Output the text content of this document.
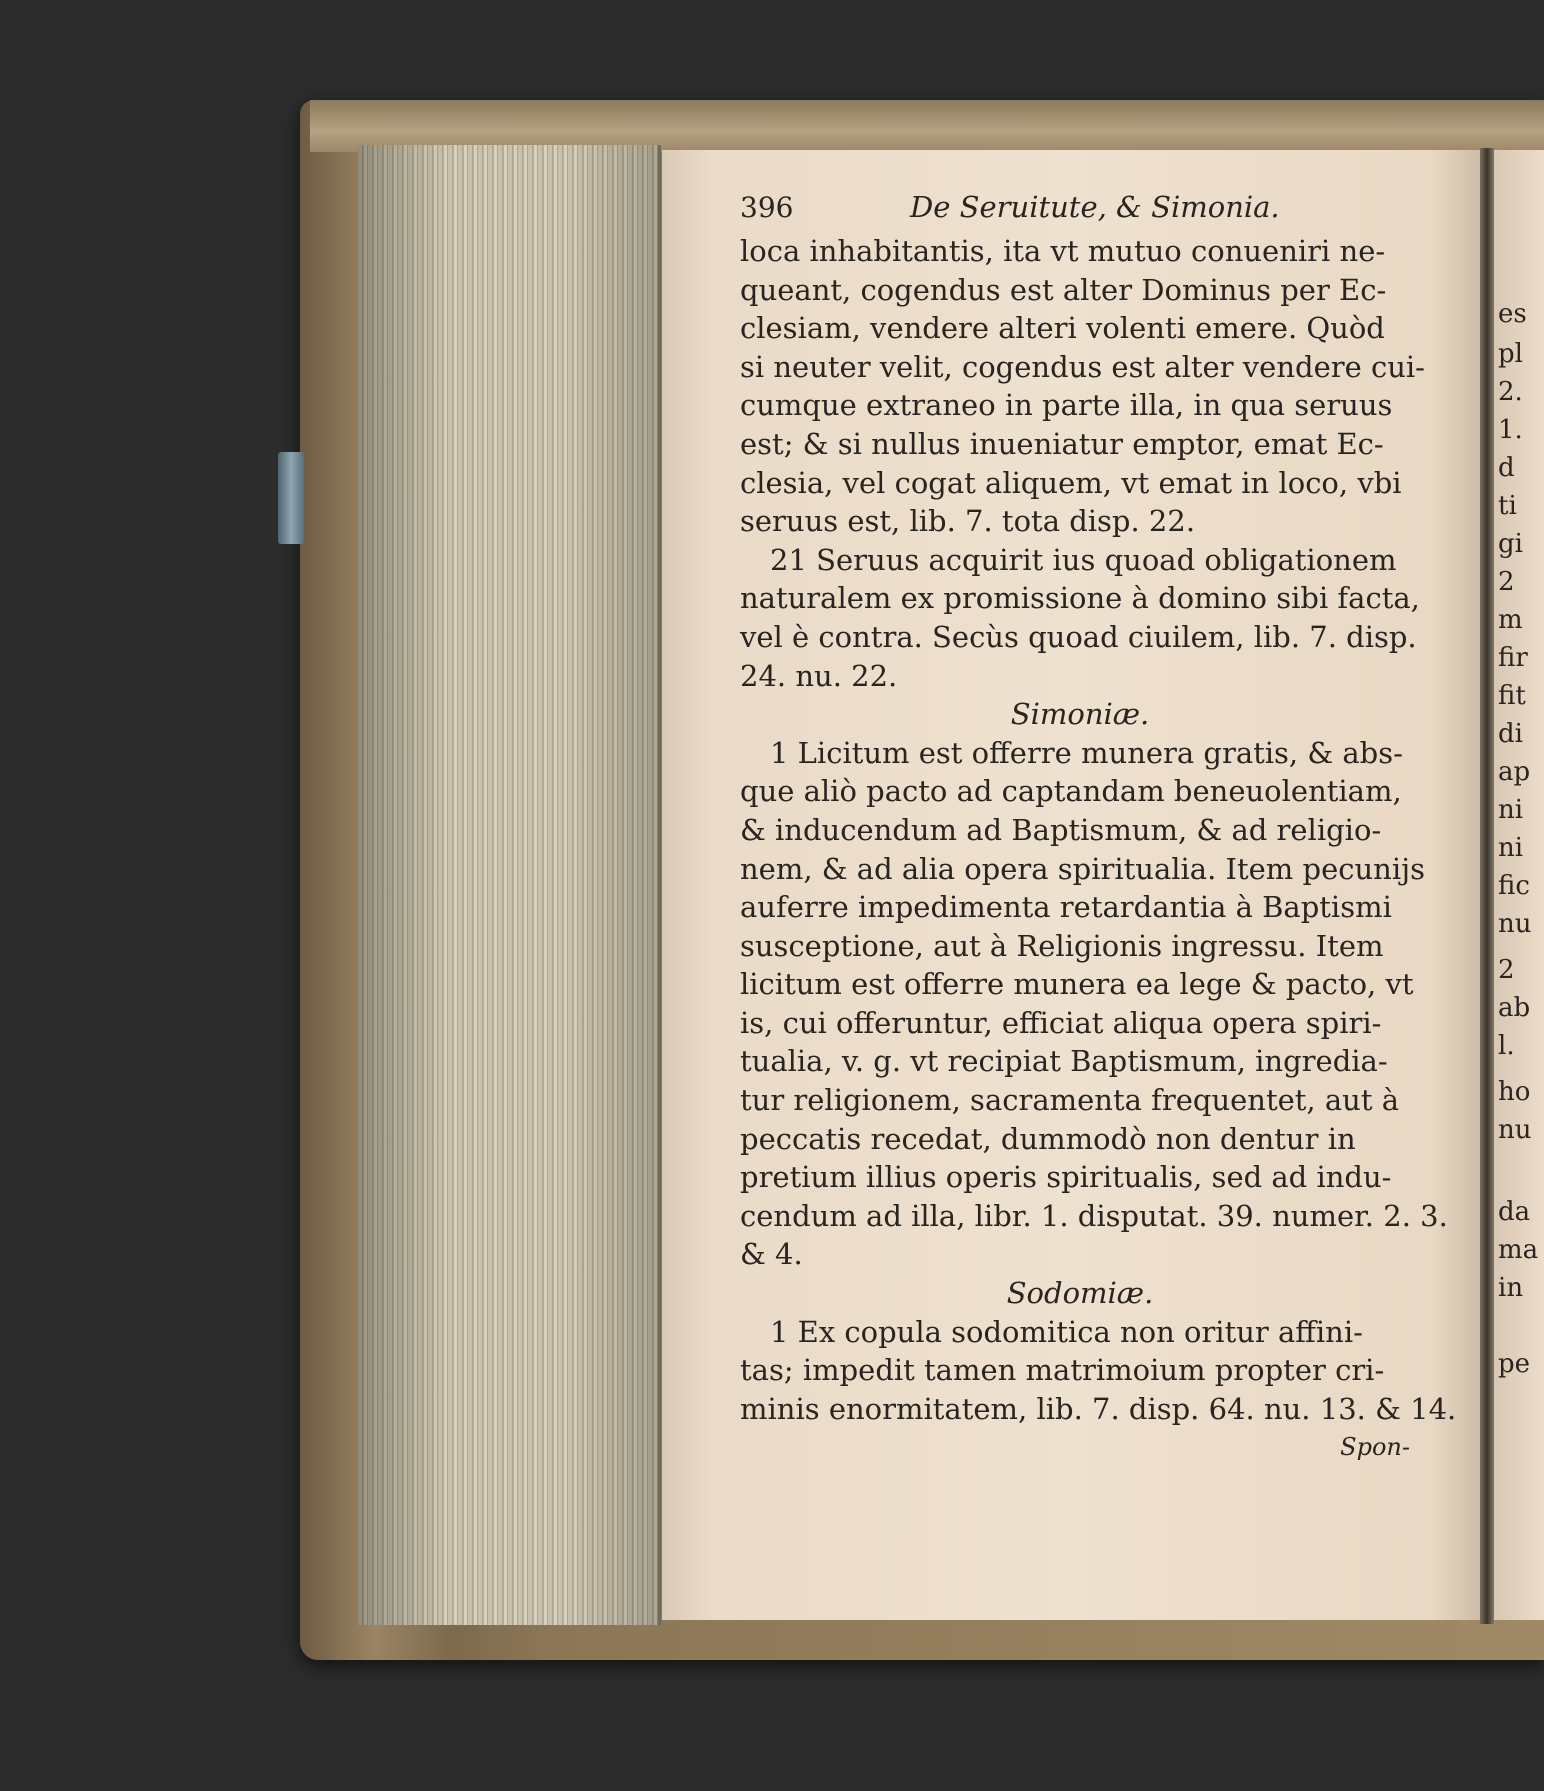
396	De Seruitute, & Simonia.
loca inhabitantis, ita vt mutuo conueniri ne-
queant, cogendus est alter Dominus per Ec-
clesiam, vendere alteri volenti emere. Quòd
si neuter velit, cogendus est alter vendere cui-
cumque extraneo in parte illa, in qua seruus
est; & si nullus inueniatur emptor, emat Ec-
clesia, vel cogat aliquem, vt emat in loco, vbi
seruus est, lib. 7. tota disp. 22.
21 Seruus acquirit ius quoad obligationem
naturalem ex promissione à domino sibi facta,
vel è contra. Secùs quoad ciuilem, lib. 7. disp.
24. nu. 22.
Simoniæ.
1 Licitum est offerre munera gratis, & abs-
que aliò pacto ad captandam beneuolentiam,
& inducendum ad Baptismum, & ad religio-
nem, & ad alia opera spiritualia. Item pecunijs
auferre impedimenta retardantia à Baptismi
susceptione, aut à Religionis ingressu. Item
licitum est offerre munera ea lege & pacto, vt
is, cui offeruntur, efficiat aliqua opera spiri-
tualia, v. g. vt recipiat Baptismum, ingredia-
tur religionem, sacramenta frequentet, aut à
peccatis recedat, dummodò non dentur in
pretium illius operis spiritualis, sed ad indu-
cendum ad illa, libr. 1. disputat. 39. numer. 2. 3.
& 4.
Sodomiæ.
1 Ex copula sodomitica non oritur affini-
tas; impedit tamen matrimoium propter cri-
minis enormitatem, lib. 7. disp. 64. nu. 13. & 14.
Spon-
es
pl
2.
1.
d
ti
gi
2
m
fir
fit
di
ap
ni
ni
fic
nu
2
ab
l.
ho
nu
da
ma
in
pe
